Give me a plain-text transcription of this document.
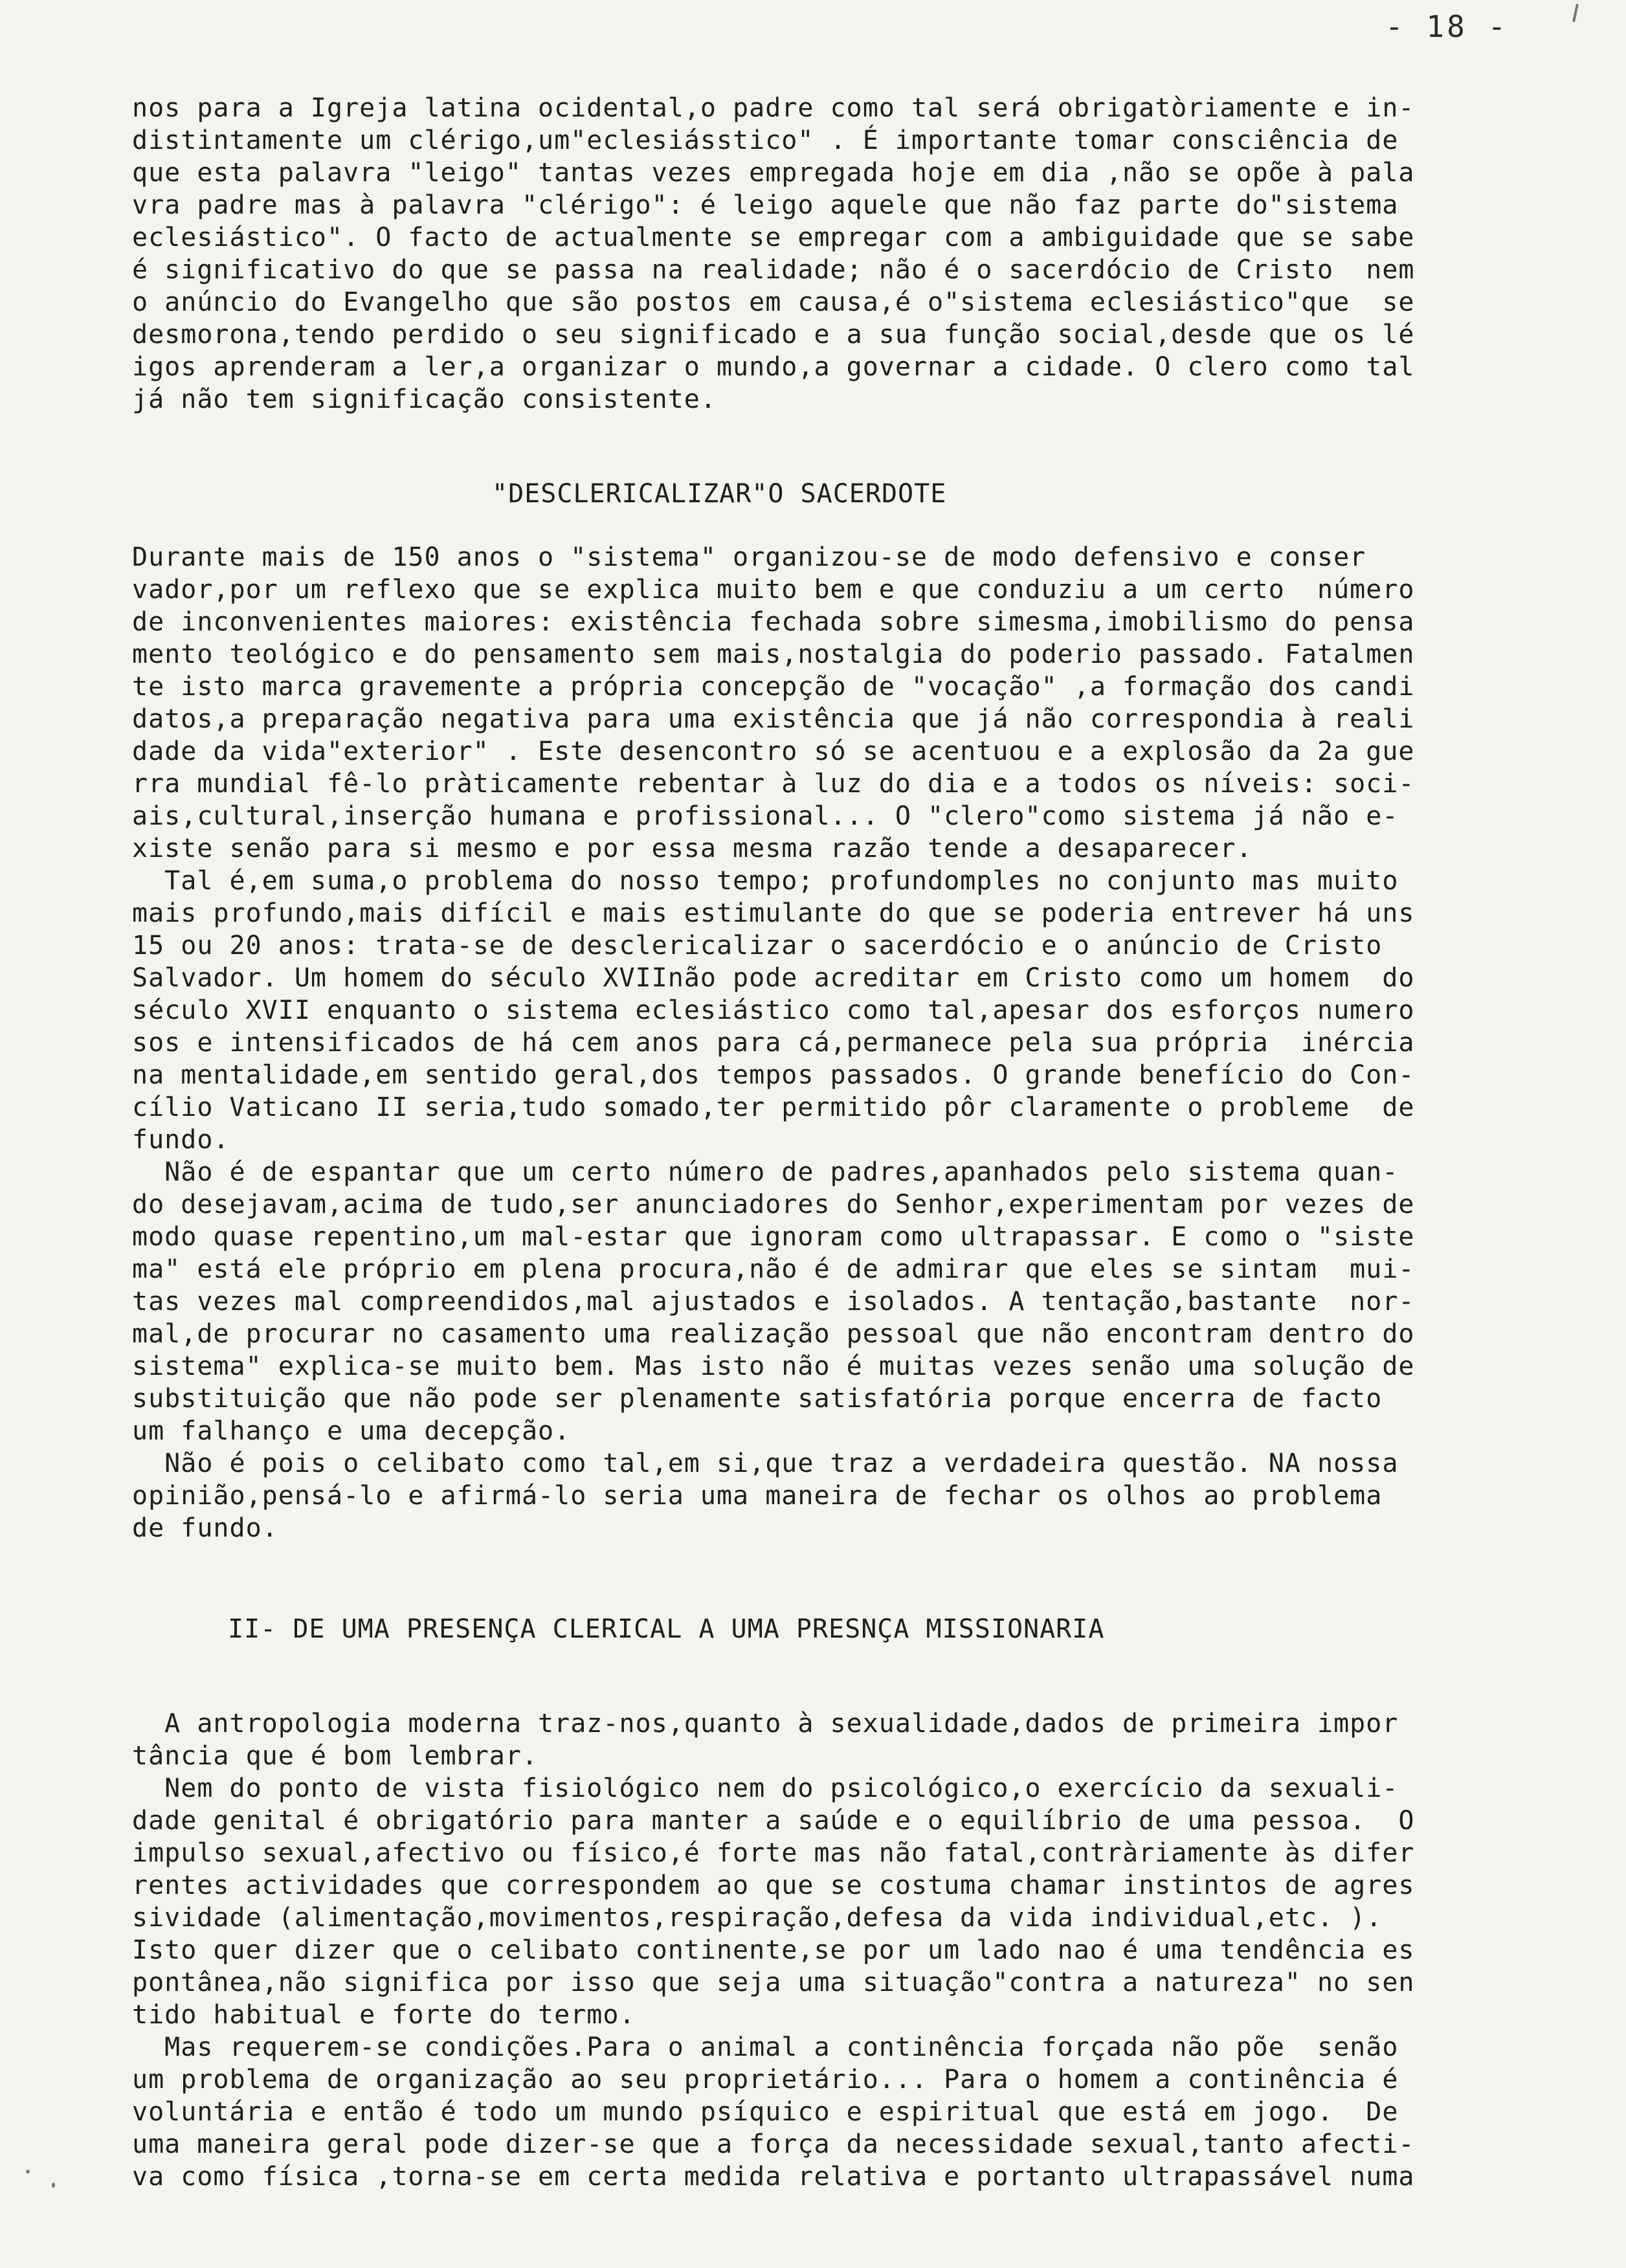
- 18 -
nos para a Igreja latina ocidental,o padre como tal será obrigatòriamente e in-
distintamente um clérigo,um"eclesiásstico" . É importante tomar consciência de
que esta palavra "leigo" tantas vezes empregada hoje em dia ,não se opõe à pala
vra padre mas à palavra "clérigo": é leigo aquele que não faz parte do"sistema
eclesiástico". O facto de actualmente se empregar com a ambiguidade que se sabe
é significativo do que se passa na realidade; não é o sacerdócio de Cristo  nem
o anúncio do Evangelho que são postos em causa,é o"sistema eclesiástico"que  se
desmorona,tendo perdido o seu significado e a sua função social,desde que os lé
igos aprenderam a ler,a organizar o mundo,a governar a cidade. O clero como tal
já não tem significação consistente.
"DESCLERICALIZAR"O SACERDOTE
Durante mais de 150 anos o "sistema" organizou-se de modo defensivo e conser
vador,por um reflexo que se explica muito bem e que conduziu a um certo  número
de inconvenientes maiores: existência fechada sobre simesma,imobilismo do pensa
mento teológico e do pensamento sem mais,nostalgia do poderio passado. Fatalmen
te isto marca gravemente a própria concepção de "vocação" ,a formação dos candi
datos,a preparação negativa para uma existência que já não correspondia à reali
dade da vida"exterior" . Este desencontro só se acentuou e a explosão da 2a gue
rra mundial fê-lo pràticamente rebentar à luz do dia e a todos os níveis: soci-
ais,cultural,inserção humana e profissional... O "clero"como sistema já não e-
xiste senão para si mesmo e por essa mesma razão tende a desaparecer.
Tal é,em suma,o problema do nosso tempo; profundomples no conjunto mas muito
mais profundo,mais difícil e mais estimulante do que se poderia entrever há uns
15 ou 20 anos: trata-se de desclericalizar o sacerdócio e o anúncio de Cristo
Salvador. Um homem do século XVIInão pode acreditar em Cristo como um homem  do
século XVII enquanto o sistema eclesiástico como tal,apesar dos esforços numero
sos e intensificados de há cem anos para cá,permanece pela sua própria  inércia
na mentalidade,em sentido geral,dos tempos passados. O grande benefício do Con-
cílio Vaticano II seria,tudo somado,ter permitido pôr claramente o probleme  de
fundo.
Não é de espantar que um certo número de padres,apanhados pelo sistema quan-
do desejavam,acima de tudo,ser anunciadores do Senhor,experimentam por vezes de
modo quase repentino,um mal-estar que ignoram como ultrapassar. E como o "siste
ma" está ele próprio em plena procura,não é de admirar que eles se sintam  mui-
tas vezes mal compreendidos,mal ajustados e isolados. A tentação,bastante  nor-
mal,de procurar no casamento uma realização pessoal que não encontram dentro do
sistema" explica-se muito bem. Mas isto não é muitas vezes senão uma solução de
substituição que não pode ser plenamente satisfatória porque encerra de facto
um falhanço e uma decepção.
Não é pois o celibato como tal,em si,que traz a verdadeira questão. NA nossa
opinião,pensá-lo e afirmá-lo seria uma maneira de fechar os olhos ao problema
de fundo.
II- DE UMA PRESENÇA CLERICAL A UMA PRESNÇA MISSIONARIA
A antropologia moderna traz-nos,quanto à sexualidade,dados de primeira impor
tância que é bom lembrar.
Nem do ponto de vista fisiológico nem do psicológico,o exercício da sexuali-
dade genital é obrigatório para manter a saúde e o equilíbrio de uma pessoa.  O
impulso sexual,afectivo ou físico,é forte mas não fatal,contràriamente às difer
rentes actividades que correspondem ao que se costuma chamar instintos de agres
sividade (alimentação,movimentos,respiração,defesa da vida individual,etc. ).
Isto quer dizer que o celibato continente,se por um lado nao é uma tendência es
pontânea,não significa por isso que seja uma situação"contra a natureza" no sen
tido habitual e forte do termo.
Mas requerem-se condições.Para o animal a continência forçada não põe  senão
um problema de organização ao seu proprietário... Para o homem a continência é
voluntária e então é todo um mundo psíquico e espiritual que está em jogo.  De
uma maneira geral pode dizer-se que a força da necessidade sexual,tanto afecti-
va como física ,torna-se em certa medida relativa e portanto ultrapassável numa
